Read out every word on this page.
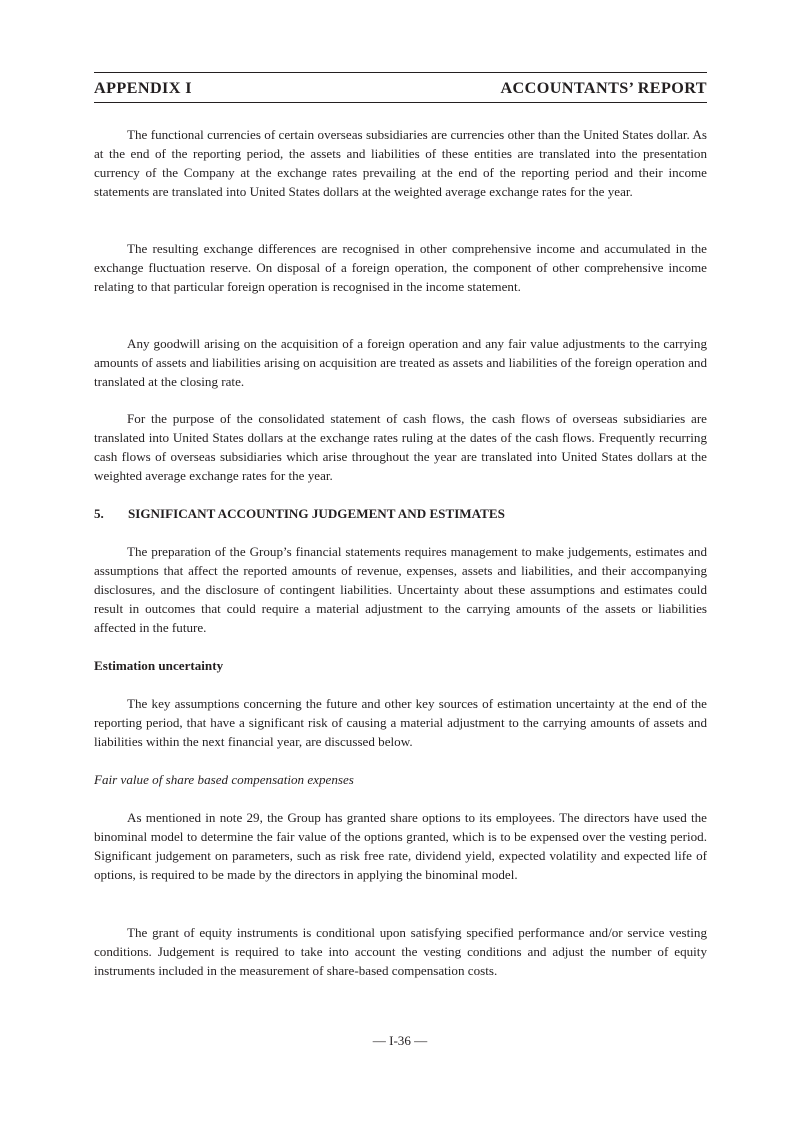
APPENDIX I	ACCOUNTANTS’ REPORT

The functional currencies of certain overseas subsidiaries are currencies other than the United States dollar. As at the end of the reporting period, the assets and liabilities of these entities are translated into the presentation currency of the Company at the exchange rates prevailing at the end of the reporting period and their income statements are translated into United States dollars at the weighted average exchange rates for the year.

The resulting exchange differences are recognised in other comprehensive income and accumulated in the exchange fluctuation reserve. On disposal of a foreign operation, the component of other comprehensive income relating to that particular foreign operation is recognised in the income statement.

Any goodwill arising on the acquisition of a foreign operation and any fair value adjustments to the carrying amounts of assets and liabilities arising on acquisition are treated as assets and liabilities of the foreign operation and translated at the closing rate.

For the purpose of the consolidated statement of cash flows, the cash flows of overseas subsidiaries are translated into United States dollars at the exchange rates ruling at the dates of the cash flows. Frequently recurring cash flows of overseas subsidiaries which arise throughout the year are translated into United States dollars at the weighted average exchange rates for the year.

5. SIGNIFICANT ACCOUNTING JUDGEMENT AND ESTIMATES

The preparation of the Group’s financial statements requires management to make judgements, estimates and assumptions that affect the reported amounts of revenue, expenses, assets and liabilities, and their accompanying disclosures, and the disclosure of contingent liabilities. Uncertainty about these assumptions and estimates could result in outcomes that could require a material adjustment to the carrying amounts of the assets or liabilities affected in the future.

Estimation uncertainty

The key assumptions concerning the future and other key sources of estimation uncertainty at the end of the reporting period, that have a significant risk of causing a material adjustment to the carrying amounts of assets and liabilities within the next financial year, are discussed below.

Fair value of share based compensation expenses

As mentioned in note 29, the Group has granted share options to its employees. The directors have used the binominal model to determine the fair value of the options granted, which is to be expensed over the vesting period. Significant judgement on parameters, such as risk free rate, dividend yield, expected volatility and expected life of options, is required to be made by the directors in applying the binominal model.

The grant of equity instruments is conditional upon satisfying specified performance and/or service vesting conditions. Judgement is required to take into account the vesting conditions and adjust the number of equity instruments included in the measurement of share-based compensation costs.

— I-36 —
